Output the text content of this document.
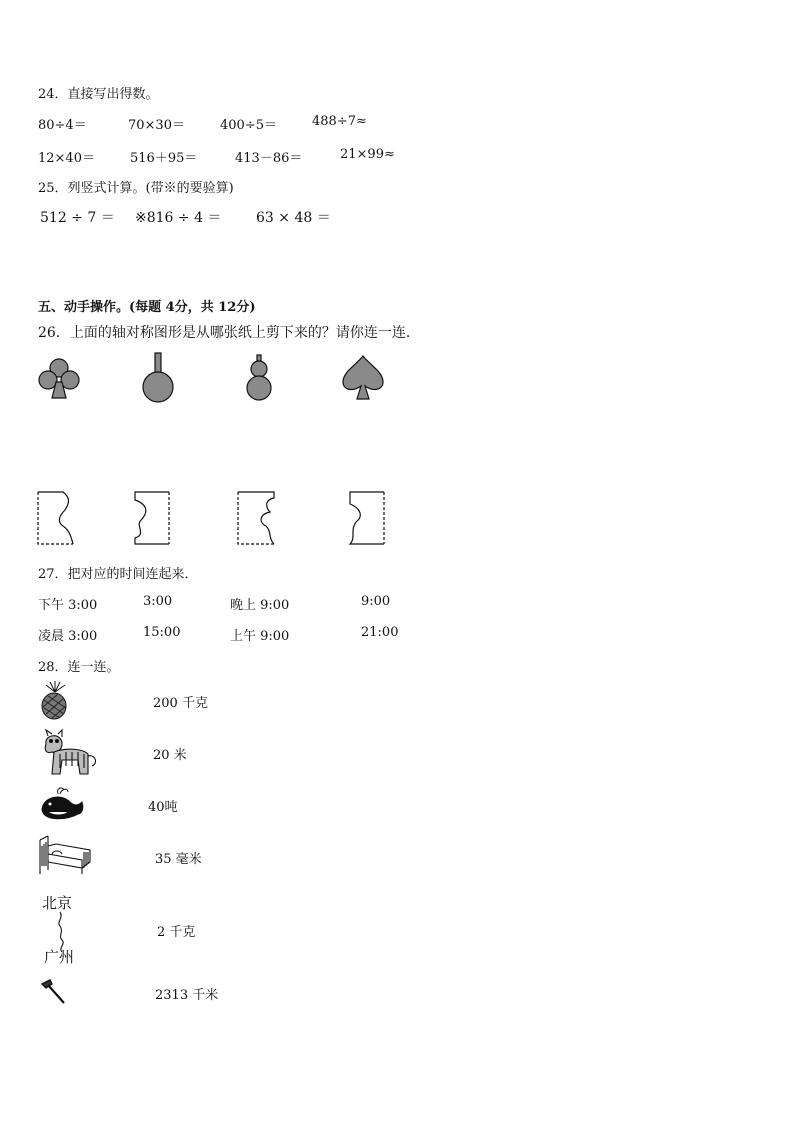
24．直接写出得数。
80÷4＝	70×30＝	400÷5＝	488÷7≈
12×40＝	516＋95＝	413－86＝	21×99≈
25．列竖式计算。(带※的要验算)
512 ÷ 7 ＝ ※816 ÷ 4 ＝ 63 × 48 ＝
五、动手操作。(每题 4分，共 12分)
26．上面的轴对称图形是从哪张纸上剪下来的？请你连一连．
27．把对应的时间连起来．
下午 3:00	3:00	晚上 9:00	9:00
凌晨 3:00	15:00	上午 9:00	21:00
28．连一连。
200 千克
20 米
40吨
35 毫米
北京
广州
2 千克
2313 千米
